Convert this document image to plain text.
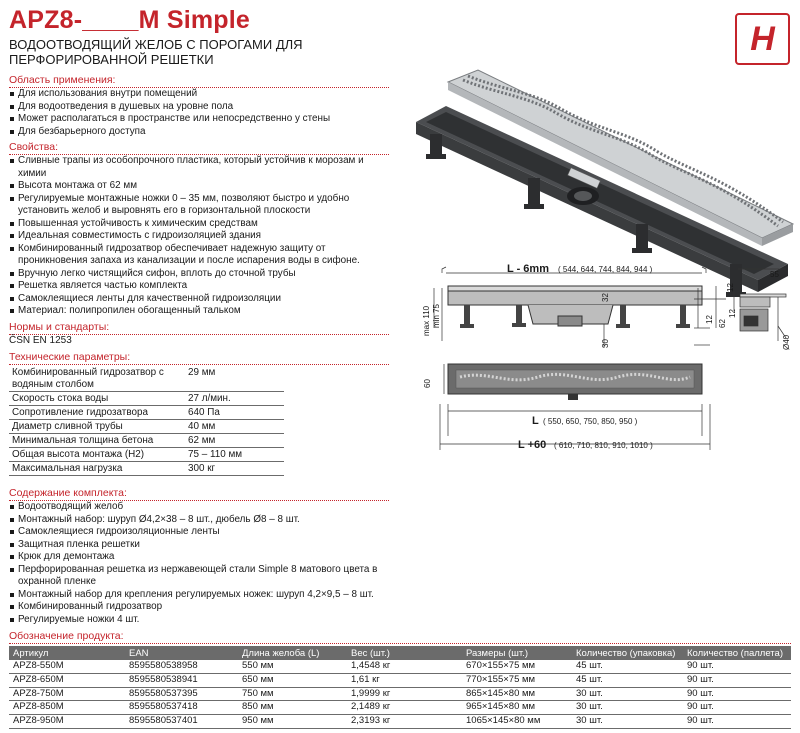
APZ8-____M Simple
ВОДООТВОДЯЩИЙ ЖЕЛОБ С ПОРОГАМИ ДЛЯ ПЕРФОРИРОВАННОЙ РЕШЕТКИ
H
Область применения:
Для использования внутри помещений
Для водоотведения в душевых на уровне пола
Может располагаться в пространстве или непосредственно у стены
Для безбарьерного доступа
Свойства:
Сливные трапы из особопрочного пластика, который устойчив к морозам и химии
Высота монтажа от 62 мм
Регулируемые монтажные ножки 0 – 35 мм, позволяют быстро и удобно установить желоб и выровнять его в горизонтальной плоскости
Повышенная устойчивость к химическим средствам
Идеальная совместимость с гидроизоляцией здания
Комбинированный гидрозатвор обеспечивает надежную защиту от проникновения запаха из канализации и после испарения воды в сифоне.
Вручную легко чистящийся сифон, вплоть до сточной трубы
Решетка является частью комплекта
Самоклеящиеся ленты для качественной гидроизоляции
Материал: полипропилен обогащенный тальком
Нормы и стандарты:
ČSN EN 1253
Технические параметры:
Комбинированный гидрозатвор с водяным столбом	29 мм
Скорость стока воды	27 л/мин.
Сопротивление гидрозатвора	640 Па
Диаметр сливной трубы	40 мм
Минимальная толщина бетона	62 мм
Общая высота монтажа (H2)	75 – 110 мм
Максимальная нагрузка	300 кг
Содержание комплекта:
Водоотводящий желоб
Монтажный набор: шуруп Ø4,2×38 – 8 шт., дюбель Ø8 – 8 шт.
Самоклеящиеся гидроизоляционные ленты
Защитная пленка решетки
Крюк для демонтажа
Перфорированная решетка из нержавеющей стали Simple 8 матового цвета в охранной пленке
Монтажный набор для крепления регулируемых ножек: шуруп 4,2×9,5 – 8 шт.
Комбинированный гидрозатвор
Регулируемые ножки 4 шт.
L - 6mm ( 544, 644, 744, 844, 944 )
32
max 110 min 75	12 62
30
55
12
12
Ø40
60
L ( 550, 650, 750, 850, 950 )
L +60 ( 610, 710, 810, 910, 1010 )
Обозначение продукта:
Артикул	EAN	Длина желоба (L)	Вес (шт.)	Размеры (шт.)	Количество (упаковка)	Количество (паллета)
APZ8-550M	8595580538958	550 мм	1,4548 кг	670×155×75 мм	45 шт.	90 шт.
APZ8-650M	8595580538941	650 мм	1,61 кг	770×155×75 мм	45 шт.	90 шт.
APZ8-750M	8595580537395	750 мм	1,9999 кг	865×145×80 мм	30 шт.	90 шт.
APZ8-850M	8595580537418	850 мм	2,1489 кг	965×145×80 мм	30 шт.	90 шт.
APZ8-950M	8595580537401	950 мм	2,3193 кг	1065×145×80 мм	30 шт.	90 шт.
